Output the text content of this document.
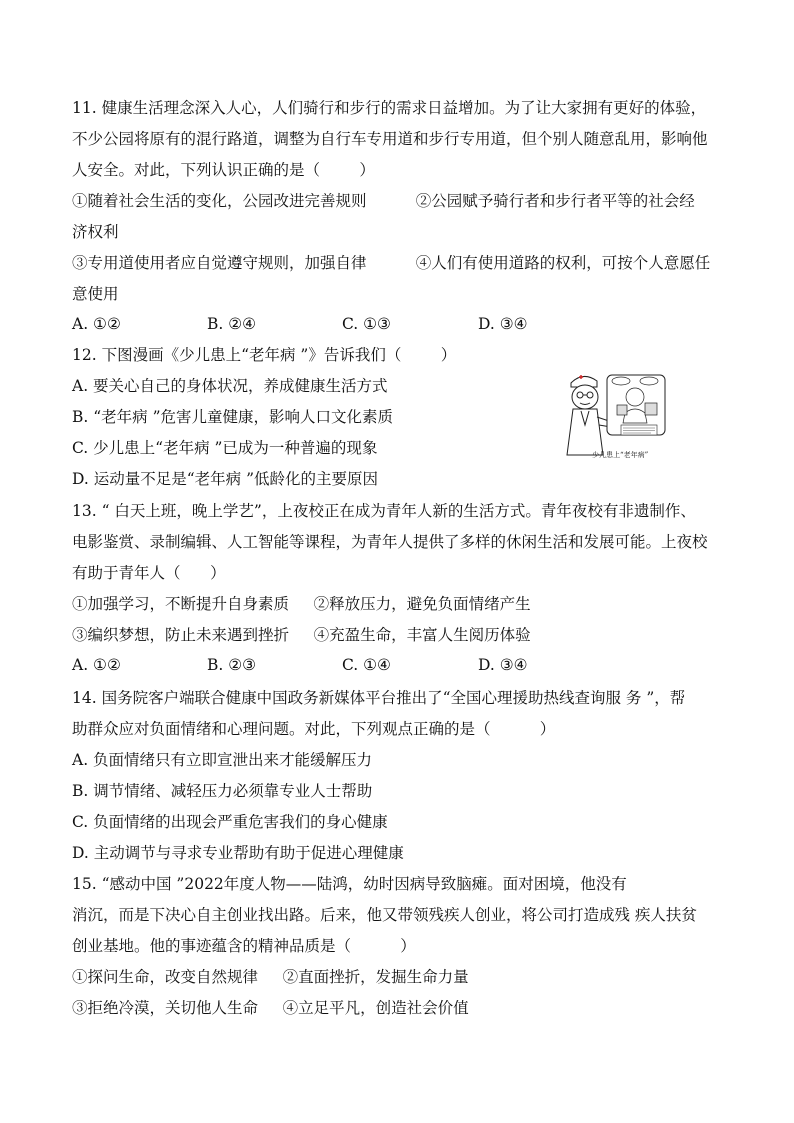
11. 健康生活理念深入人心，人们骑行和步行的需求日益增加。为了让大家拥有更好的体验，
不少公园将原有的混行路道，调整为自行车专用道和步行专用道，但个别人随意乱用，影响他
人安全。对此，下列认识正确的是（        ）
①随着社会生活的变化，公园改进完善规则          ②公园赋予骑行者和步行者平等的社会经
济权利
③专用道使用者应自觉遵守规则，加强自律          ④人们有使用道路的权利，可按个人意愿任
意使用
A. ①②	B. ②④	C. ①③	D. ③④
12. 下图漫画《少儿患上“老年病 ”》告诉我们（        ）
A. 要关心自己的身体状况，养成健康生活方式
B. “老年病 ”危害儿童健康，影响人口文化素质
C. 少儿患上“老年病 ”已成为一种普遍的现象
D. 运动量不足是“老年病 ”低龄化的主要原因
少儿患上“老年病”
13. “ 白天上班，晚上学艺”，上夜校正在成为青年人新的生活方式。青年夜校有非遗制作、
电影鉴赏、录制编辑、人工智能等课程，为青年人提供了多样的休闲生活和发展可能。上夜校
有助于青年人（      ）
①加强学习，不断提升自身素质     ②释放压力，避免负面情绪产生
③编织梦想，防止未来遇到挫折     ④充盈生命，丰富人生阅历体验
A. ①②	B. ②③	C. ①④	D. ③④
14. 国务院客户端联合健康中国政务新媒体平台推出了“全国心理援助热线查询服 务 ”，帮
助群众应对负面情绪和心理问题。对此，下列观点正确的是（          ）
A. 负面情绪只有立即宣泄出来才能缓解压力
B. 调节情绪、减轻压力必须靠专业人士帮助
C. 负面情绪的出现会严重危害我们的身心健康
D. 主动调节与寻求专业帮助有助于促进心理健康
15. “感动中国 ”2022年度人物——陆鸿，幼时因病导致脑瘫。面对困境，他没有
消沉，而是下决心自主创业找出路。后来，他又带领残疾人创业，将公司打造成残 疾人扶贫
创业基地。他的事迹蕴含的精神品质是（          ）
①探问生命，改变自然规律     ②直面挫折，发掘生命力量
③拒绝冷漠，关切他人生命     ④立足平凡，创造社会价值
